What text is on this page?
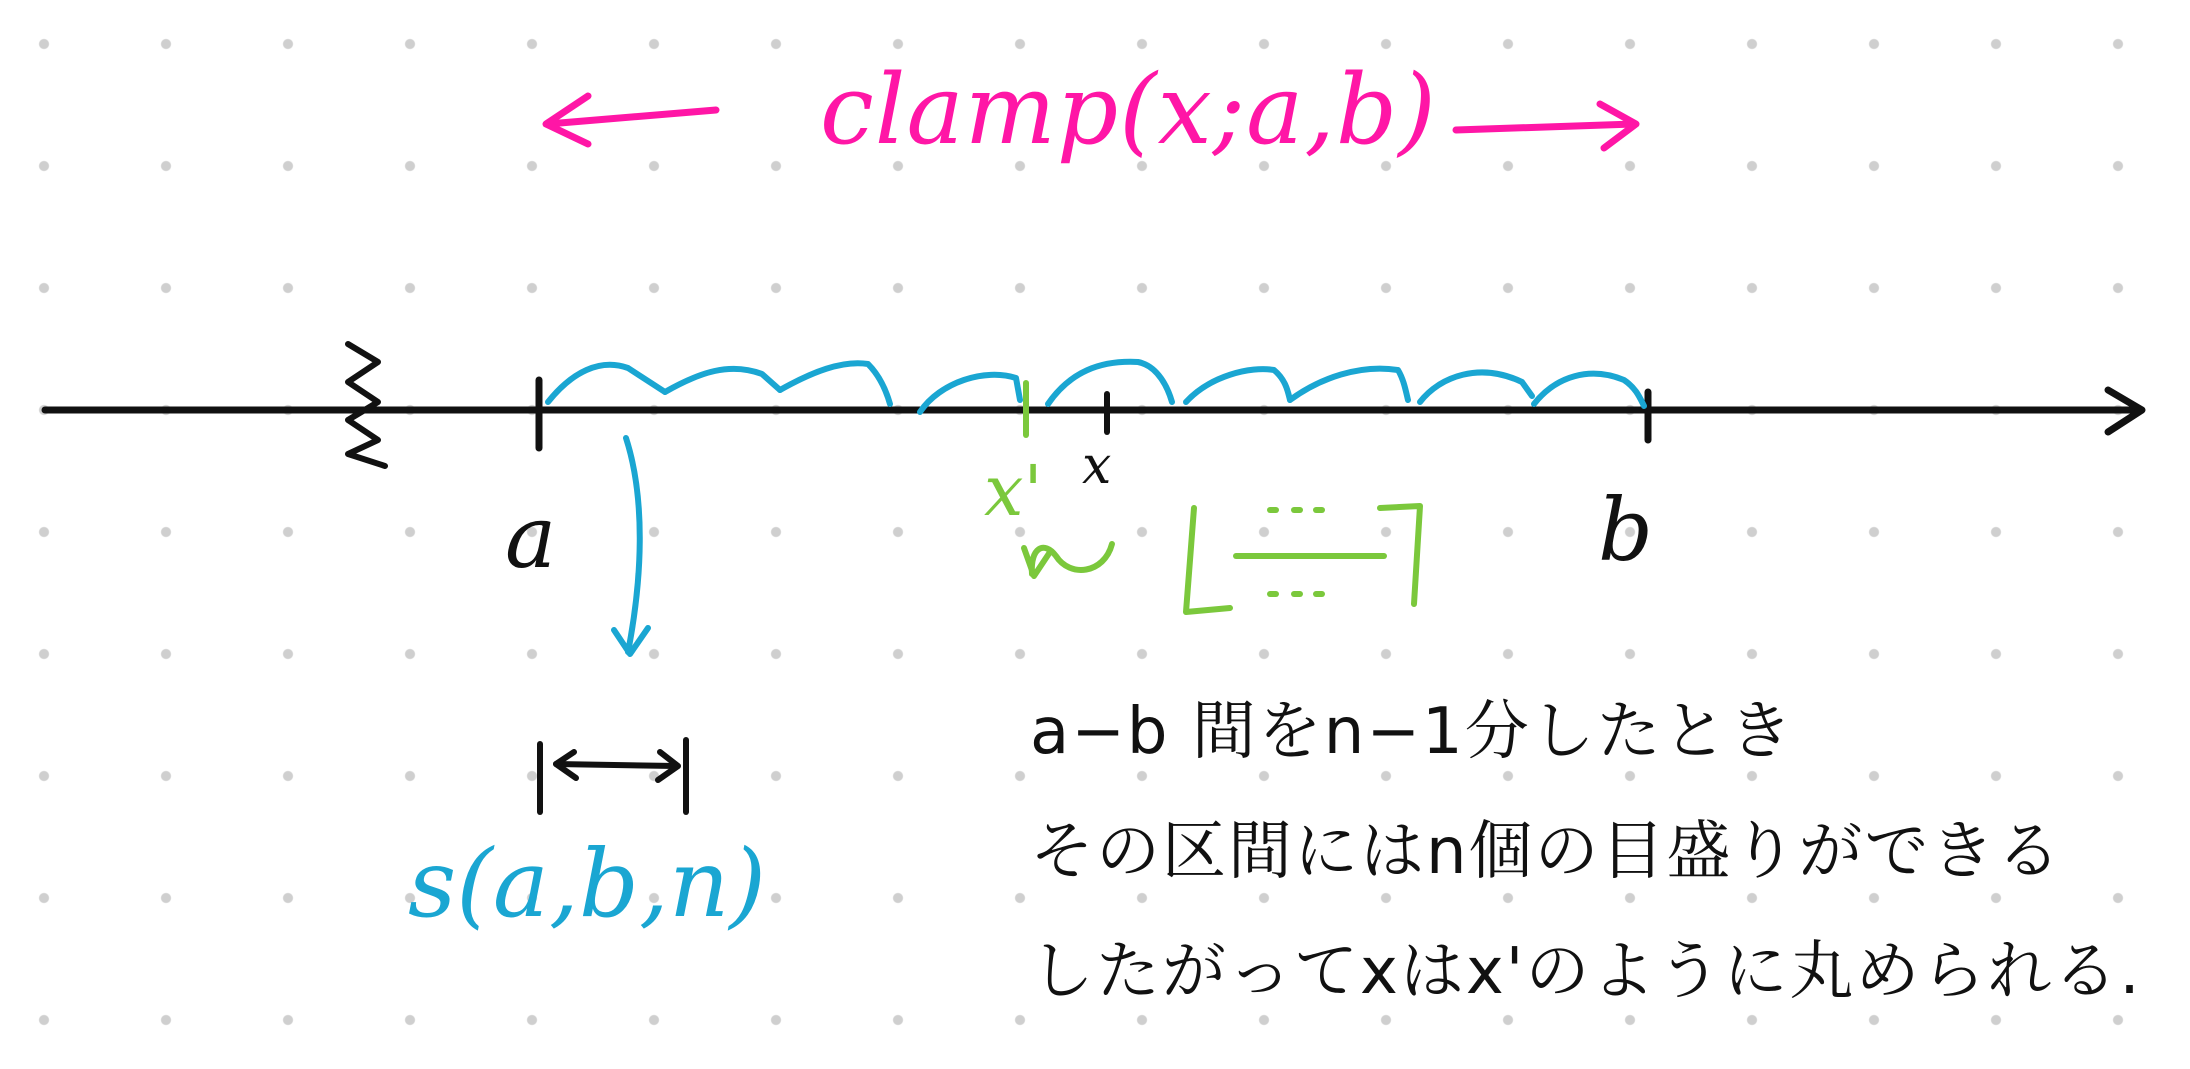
clamp(x;a,b)
a	b
x
x'
s(a,b,n)
a−b 間をn−1分したとき
その区間にはn個の目盛りができる
したがってxはx'のように丸められる.
